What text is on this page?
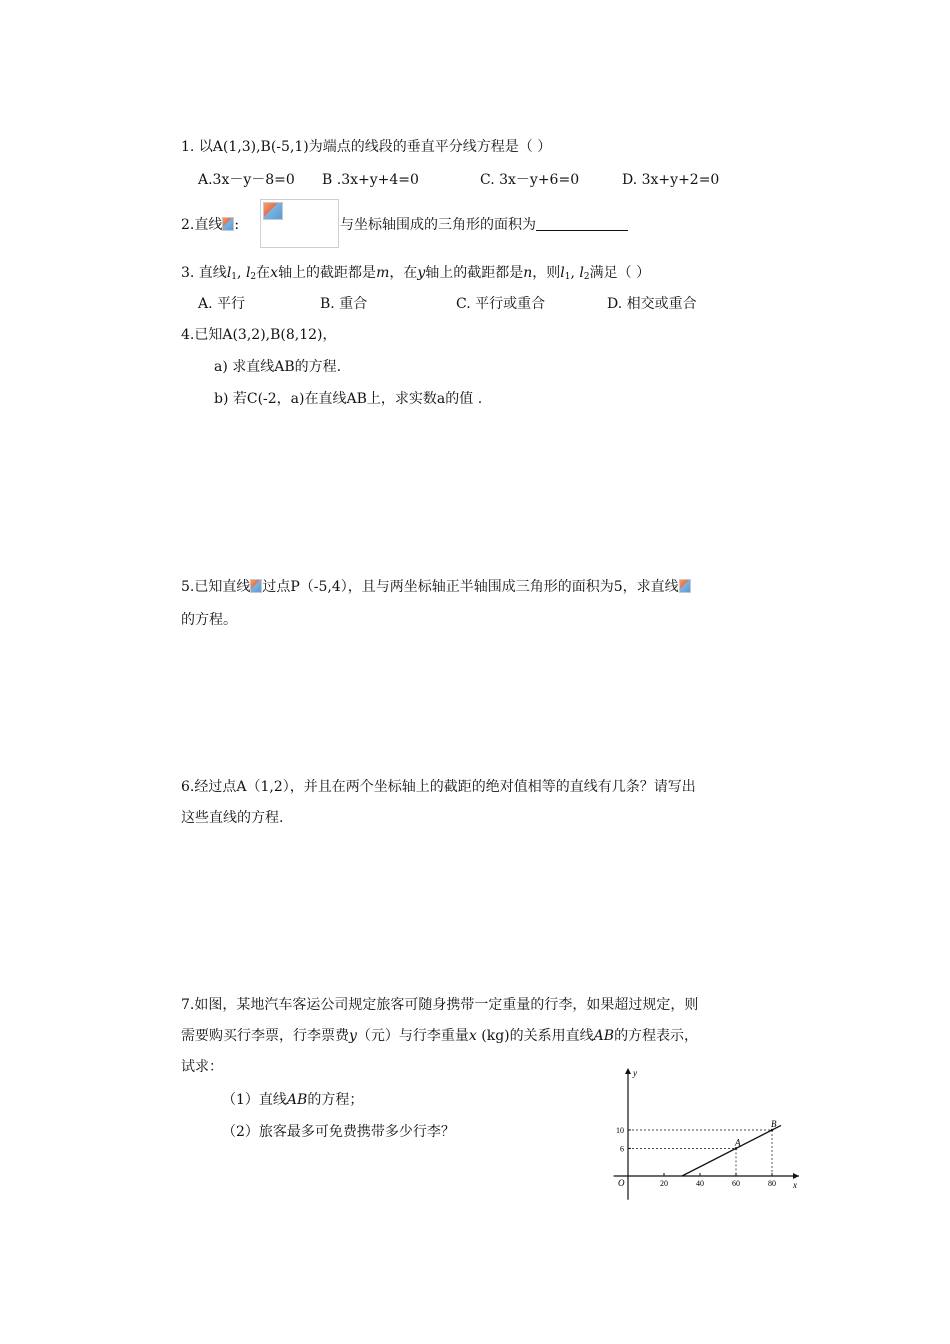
1. 以A(1,3),B(-5,1)为端点的线段的垂直平分线方程是（ ）
A.3x－y－8=0 B .3x+y+4=0	C. 3x－y+6=0	D. 3x+y+2=0
2.直线 :	与坐标轴围成的三角形的面积为
3. 直线$l_1$, $l_2$在x轴上的截距都是m，在y轴上的截距都是n，则$l_1$, $l_2$满足（ ）
A. 平行	B. 重合	C. 平行或重合	D. 相交或重合
4.已知A(3,2),B(8,12)，
a) 求直线AB的方程.
b) 若C(-2，a)在直线AB上，求实数a的值 .
5.已知直线 过点P（-5,4），且与两坐标轴正半轴围成三角形的面积为5，求直线
的方程。
6.经过点A（1,2），并且在两个坐标轴上的截距的绝对值相等的直线有几条？请写出
这些直线的方程.
7.如图，某地汽车客运公司规定旅客可随身携带一定重量的行李，如果超过规定，则
需要购买行李票，行李票费y（元）与行李重量x (kg)的关系用直线AB的方程表示，
试求：
（1）直线AB的方程；
（2）旅客最多可免费携带多少行李？
x
y
O	20	40	60	80
6
10
A
B
